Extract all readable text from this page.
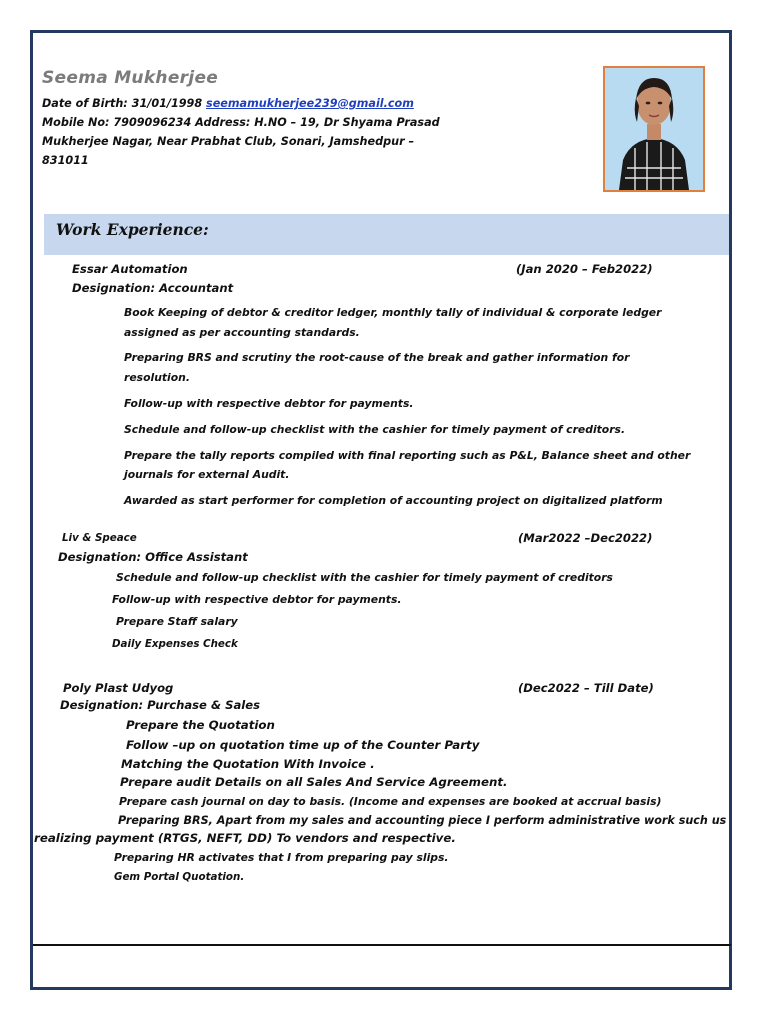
Seema Mukherjee
Date of Birth: 31/01/1998 seemamukherjee239@gmail.com
Mobile No: 7909096234 Address: H.NO – 19, Dr Shyama Prasad
Mukherjee Nagar, Near Prabhat Club, Sonari, Jamshedpur –
831011
Work Experience:
Essar Automation	(Jan 2020 – Feb2022)
Designation: Accountant
Book Keeping of debtor & creditor ledger, monthly tally of individual & corporate ledger
assigned as per accounting standards.
Preparing BRS and scrutiny the root-cause of the break and gather information for
resolution.
Follow-up with respective debtor for payments.
Schedule and follow-up checklist with the cashier for timely payment of creditors.
Prepare the tally reports compiled with final reporting such as P&L, Balance sheet and other
journals for external Audit.
Awarded as start performer for completion of accounting project on digitalized platform
Liv & Speace	(Mar2022 –Dec2022)
Designation: Office Assistant
Schedule and follow-up checklist with the cashier for timely payment of creditors
Follow-up with respective debtor for payments.
Prepare Staff salary
Daily Expenses Check
Poly Plast Udyog	(Dec2022 – Till Date)
Designation: Purchase & Sales
Prepare the Quotation
Follow –up on quotation time up of the Counter Party
Matching the Quotation With Invoice .
Prepare audit Details on all Sales And Service Agreement.
Prepare cash journal on day to basis. (Income and expenses are booked at accrual basis)
Preparing BRS, Apart from my sales and accounting piece I perform administrative work such us
realizing payment (RTGS, NEFT, DD) To vendors and respective.
Preparing HR activates that I from preparing pay slips.
Gem Portal Quotation.
